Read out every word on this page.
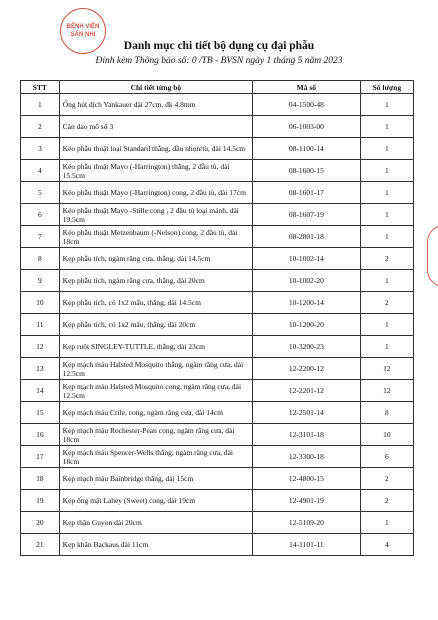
BỆNH VIỆN
SẢN NHI
Danh mục chi tiết bộ dụng cụ đại phẫu
Đính kèm Thông báo số: 0 /TB - BVSN ngày 1 tháng 5 năm 2023
STT	Chi tiết từng bộ	Mã số	Số lượng
1	Ống hút dịch Yankauer dài 27cm, đk 4.8mm	04-1500-48	1
2	Cán dao mổ số 3	06-1003-00	1
3	Kéo phẫu thuật loại Standard thẳng, đầu nhọn/tù, dài 14.5cm	08-1100-14	1
4	Kéo phẫu thuật Mayo (-Harrington) thẳng, 2 đầu tù, dài 15.5cm	08-1600-15	1
5	Kéo phẫu thuật Mayo (-Harrington) cong, 2 đầu tù, dài 17cm	08-1601-17	1
6	Kéo phẫu thuật Mayo -Stille cong , 2 đầu tù loại mảnh, dài 19.5cm	08-1607-19	1
7	Kéo phẫu thuật Metzenbaum (-Nelson) cong, 2 đầu tù, dài 18cm	08-2801-18	1
8	Kẹp phẫu tích, ngàm răng cưa, thẳng, dài 14.5cm	10-1002-14	2
9	Kẹp phẫu tích, ngàm răng cưa, thẳng, dài 20cm	10-1002-20	1
10	Kẹp phẫu tích, có 1x2 mấu, thẳng, dài 14.5cm	10-1200-14	2
11	Kẹp phẫu tích, có 1x2 mấu, thẳng, dài 20cm	10-1200-20	1
12	Kẹp ruột SINGLEY-TUTTLE, thẳng, dài 23cm	10-3200-23	1
13	Kẹp mạch máu Halsted Mosquito thẳng, ngàm răng cưa, dài 12.5cm	12-2200-12	12
14	Kẹp mạch máu Halsted Mosquito cong, ngàm răng cưa, dài 12.5cm	12-2201-12	12
15	Kẹp mạch máu Crile, cong, ngàm răng cưa, dài 14cm	12-2501-14	8
16	Kẹp mạch máu Rochester-Pean cong, ngàm răng cưa, dài 18cm	12-3101-18	10
17	Kẹp mạch máu Spencer-Wells thẳng, ngàm răng cưa, dài 18cm	12-3300-18	6
18	Kẹp mạch máu Bainbridge thẳng, dài 15cm	12-4800-15	2
19	Kẹp ống mật Lahey (Sweet) cong, dài 19cm	12-4901-19	2
20	Kẹp thận Guyon dài 20cm	12-5109-20	1
21	Kẹp khăn Backaus dài 11cm	14-1101-11	4
